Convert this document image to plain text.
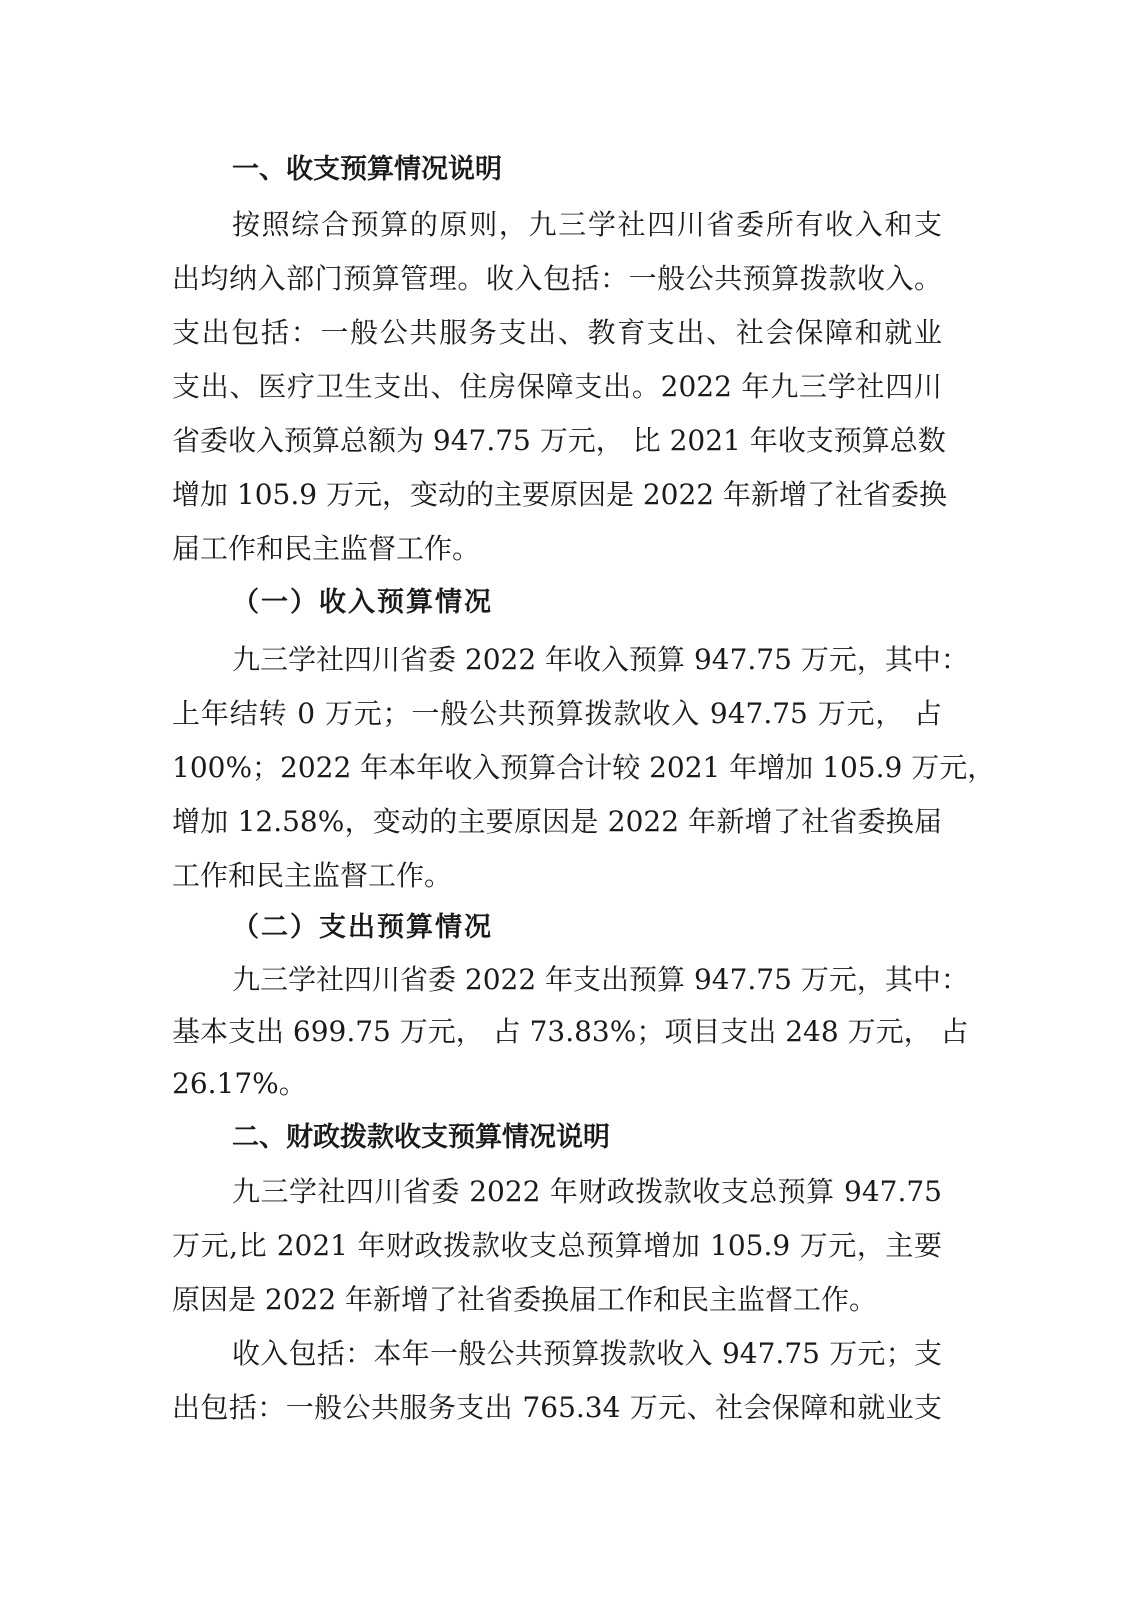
一、收支预算情况说明
按照综合预算的原则，九三学社四川省委所有收入和支
出均纳入部门预算管理。收入包括：一般公共预算拨款收入。
支出包括：一般公共服务支出、教育支出、社会保障和就业
支出、医疗卫生支出、住房保障支出。2022 年九三学社四川
省委收入预算总额为 947.75 万元， 比 2021 年收支预算总数
增加 105.9 万元，变动的主要原因是 2022 年新增了社省委换
届工作和民主监督工作。
（一）收入预算情况
九三学社四川省委 2022 年收入预算 947.75 万元，其中：
上年结转 0 万元；一般公共预算拨款收入 947.75 万元， 占
100%；2022 年本年收入预算合计较 2021 年增加 105.9 万元，
增加 12.58%，变动的主要原因是 2022 年新增了社省委换届
工作和民主监督工作。
（二）支出预算情况
九三学社四川省委 2022 年支出预算 947.75 万元，其中：
基本支出 699.75 万元， 占 73.83%；项目支出 248 万元， 占
26.17%。
二、财政拨款收支预算情况说明
九三学社四川省委 2022 年财政拨款收支总预算 947.75
万元,比 2021 年财政拨款收支总预算增加 105.9 万元，主要
原因是 2022 年新增了社省委换届工作和民主监督工作。
收入包括：本年一般公共预算拨款收入 947.75 万元；支
出包括：一般公共服务支出 765.34 万元、社会保障和就业支
